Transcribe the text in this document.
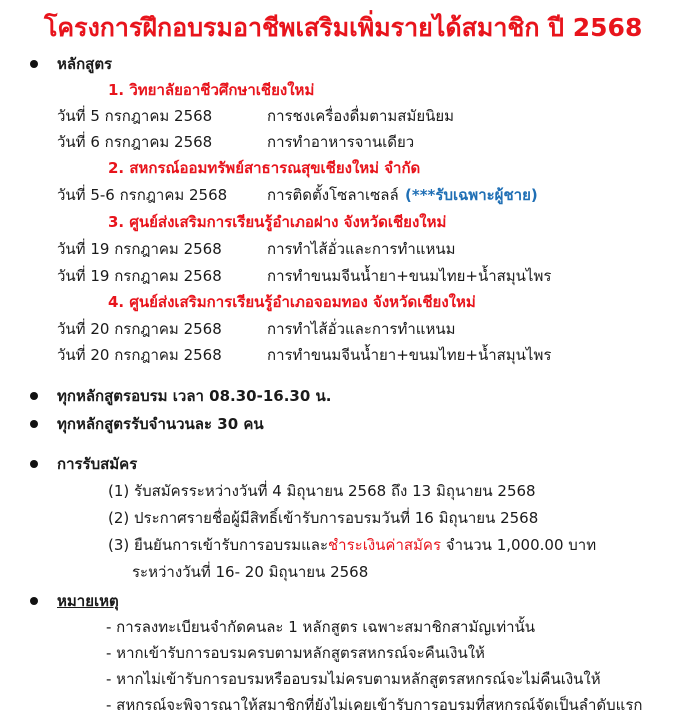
โครงการฝึกอบรมอาชีพเสริมเพิ่มรายได้สมาชิก ปี 2568
หลักสูตร
1. วิทยาลัยอาชีวศึกษาเชียงใหม่
วันที่ 5 กรกฎาคม 2568	การชงเครื่องดื่มตามสมัยนิยม
วันที่ 6 กรกฎาคม 2568	การทำอาหารจานเดียว
2. สหกรณ์ออมทรัพย์สาธารณสุขเชียงใหม่ จำกัด
วันที่ 5-6 กรกฎาคม 2568	การติดตั้งโซลาเซลล์ (***รับเฉพาะผู้ชาย)
3. ศูนย์ส่งเสริมการเรียนรู้อำเภอฝาง จังหวัดเชียงใหม่
วันที่ 19 กรกฎาคม 2568	การทำไส้อั่วและการทำแหนม
วันที่ 19 กรกฎาคม 2568	การทำขนมจีนน้ำยา+ขนมไทย+น้ำสมุนไพร
4. ศูนย์ส่งเสริมการเรียนรู้อำเภอจอมทอง จังหวัดเชียงใหม่
วันที่ 20 กรกฎาคม 2568	การทำไส้อั่วและการทำแหนม
วันที่ 20 กรกฎาคม 2568	การทำขนมจีนน้ำยา+ขนมไทย+น้ำสมุนไพร
ทุกหลักสูตรอบรม เวลา 08.30-16.30 น.
ทุกหลักสูตรรับจำนวนละ 30 คน
การรับสมัคร
(1) รับสมัครระหว่างวันที่ 4 มิถุนายน 2568 ถึง 13 มิถุนายน 2568
(2) ประกาศรายชื่อผู้มีสิทธิ์เข้ารับการอบรมวันที่ 16 มิถุนายน 2568
(3) ยืนยันการเข้ารับการอบรมและชำระเงินค่าสมัคร จำนวน 1,000.00 บาท
ระหว่างวันที่ 16- 20 มิถุนายน 2568
หมายเหตุ
- การลงทะเบียนจำกัดคนละ 1 หลักสูตร เฉพาะสมาชิกสามัญเท่านั้น
- หากเข้ารับการอบรมครบตามหลักสูตรสหกรณ์จะคืนเงินให้
- หากไม่เข้ารับการอบรมหรืออบรมไม่ครบตามหลักสูตรสหกรณ์จะไม่คืนเงินให้
- สหกรณ์จะพิจารณาให้สมาชิกที่ยังไม่เคยเข้ารับการอบรมที่สหกรณ์จัดเป็นลำดับแรก
